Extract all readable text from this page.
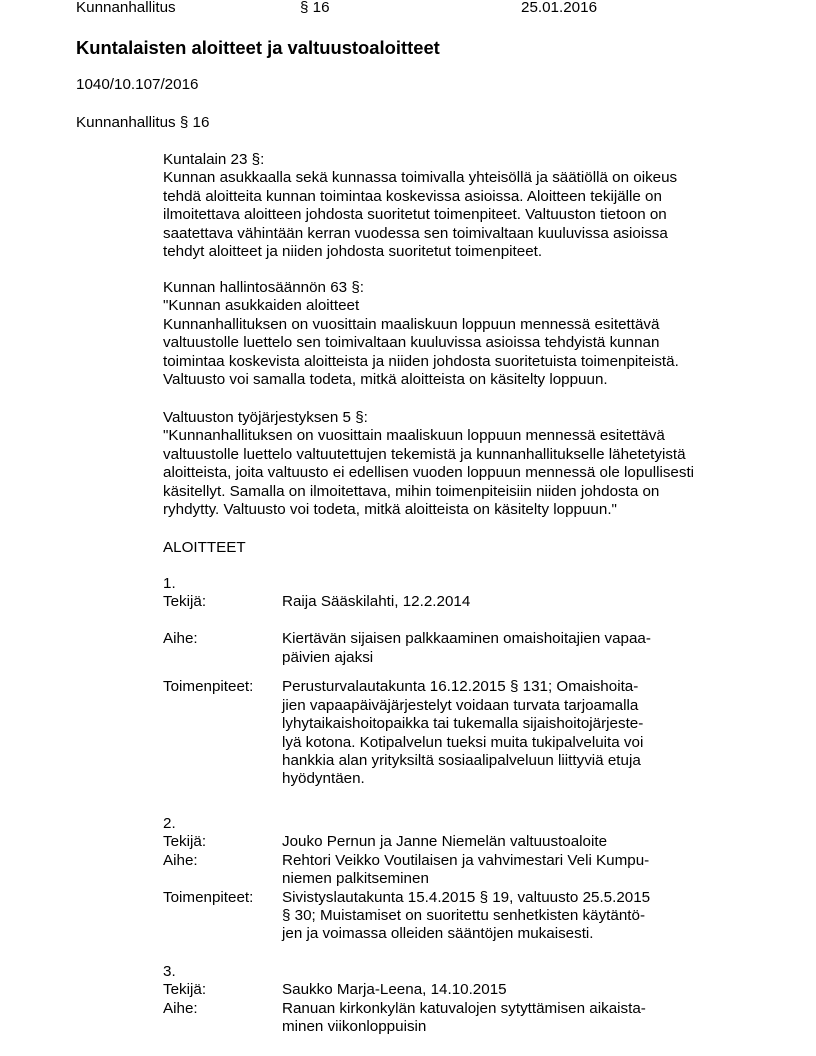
Kunnanhallitus	§ 16	25.01.2016
Kuntalaisten aloitteet ja valtuustoaloitteet
1040/10.107/2016
Kunnanhallitus § 16
Kuntalain 23 §:
Kunnan asukkaalla sekä kunnassa toimivalla yhteisöllä ja säätiöllä on oikeus
tehdä aloitteita kunnan toimintaa koskevissa asioissa. Aloitteen tekijälle on
ilmoitettava aloitteen johdosta suoritetut toimenpiteet. Valtuuston tietoon on
saatettava vähintään kerran vuodessa sen toimivaltaan kuuluvissa asioissa
tehdyt aloitteet ja niiden johdosta suoritetut toimenpiteet.
Kunnan hallintosäännön 63 §:
"Kunnan asukkaiden aloitteet
Kunnanhallituksen on vuosittain maaliskuun loppuun mennessä esitettävä
valtuustolle luettelo sen toimivaltaan kuuluvissa asioissa tehdyistä kunnan
toimintaa koskevista aloitteista ja niiden johdosta suoritetuista toimenpiteistä.
Valtuusto voi samalla todeta, mitkä aloitteista on käsitelty loppuun.
Valtuuston työjärjestyksen 5 §:
"Kunnanhallituksen on vuosittain maaliskuun loppuun mennessä esitettävä
valtuustolle luettelo valtuutettujen tekemistä ja kunnanhallitukselle lähetetyistä
aloitteista, joita valtuusto ei edellisen vuoden loppuun mennessä ole lopullisesti
käsitellyt. Samalla on ilmoitettava, mihin toimenpiteisiin niiden johdosta on
ryhdytty. Valtuusto voi todeta, mitkä aloitteista on käsitelty loppuun."
ALOITTEET
1.
Tekijä:	Raija Sääskilahti, 12.2.2014
Aihe:	Kiertävän sijaisen palkkaaminen omaishoitajien vapaa-
päivien ajaksi
Toimenpiteet: Perusturvalautakunta 16.12.2015 § 131; Omaishoita-
jien vapaapäiväjärjestelyt voidaan turvata tarjoamalla
lyhytaikaishoitopaikka tai tukemalla sijaishoitojärjeste-
lyä kotona. Kotipalvelun tueksi muita tukipalveluita voi
hankkia alan yrityksiltä sosiaalipalveluun liittyviä etuja
hyödyntäen.
2.
Tekijä:	Jouko Pernun ja Janne Niemelän valtuustoaloite
Aihe:	Rehtori Veikko Voutilaisen ja vahvimestari Veli Kumpu-
niemen palkitseminen
Toimenpiteet: Sivistyslautakunta 15.4.2015 § 19, valtuusto 25.5.2015
§ 30; Muistamiset on suoritettu senhetkisten käytäntö-
jen ja voimassa olleiden sääntöjen mukaisesti.
3.
Tekijä:	Saukko Marja-Leena, 14.10.2015
Aihe:	Ranuan kirkonkylän katuvalojen sytyttämisen aikaista-
minen viikonloppuisin
